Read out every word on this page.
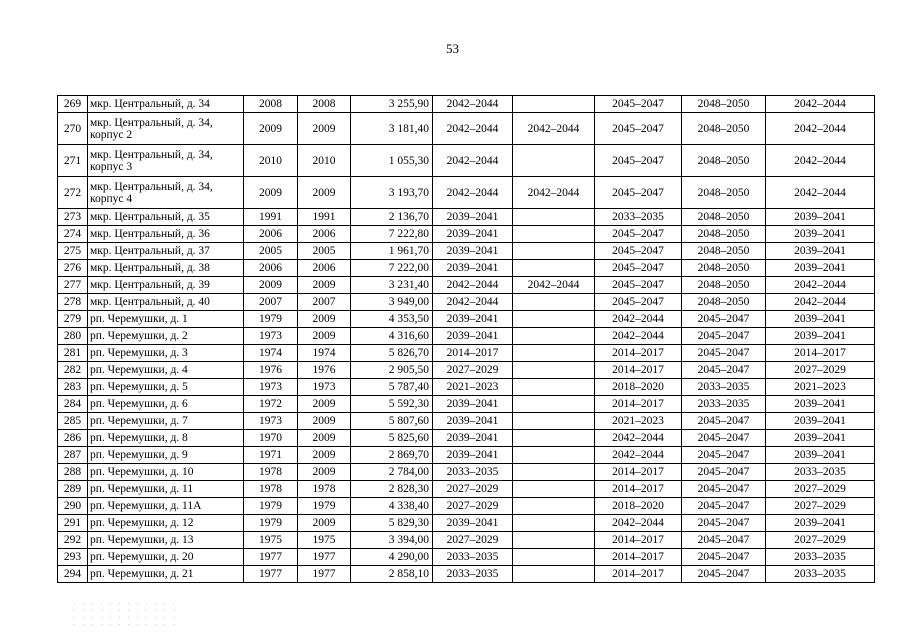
53
269	мкр. Центральный, д. 34	2008	2008	3 255,90	2042–2044		2045–2047	2048–2050	2042–2044
270	мкр. Центральный, д. 34, корпус 2	2009	2009	3 181,40	2042–2044	2042–2044	2045–2047	2048–2050	2042–2044
271	мкр. Центральный, д. 34, корпус 3	2010	2010	1 055,30	2042–2044		2045–2047	2048–2050	2042–2044
272	мкр. Центральный, д. 34, корпус 4	2009	2009	3 193,70	2042–2044	2042–2044	2045–2047	2048–2050	2042–2044
273	мкр. Центральный, д. 35	1991	1991	2 136,70	2039–2041		2033–2035	2048–2050	2039–2041
274	мкр. Центральный, д. 36	2006	2006	7 222,80	2039–2041		2045–2047	2048–2050	2039–2041
275	мкр. Центральный, д. 37	2005	2005	1 961,70	2039–2041		2045–2047	2048–2050	2039–2041
276	мкр. Центральный, д. 38	2006	2006	7 222,00	2039–2041		2045–2047	2048–2050	2039–2041
277	мкр. Центральный, д. 39	2009	2009	3 231,40	2042–2044	2042–2044	2045–2047	2048–2050	2042–2044
278	мкр. Центральный, д. 40	2007	2007	3 949,00	2042–2044		2045–2047	2048–2050	2042–2044
279	рп. Черемушки, д. 1	1979	2009	4 353,50	2039–2041		2042–2044	2045–2047	2039–2041
280	рп. Черемушки, д. 2	1973	2009	4 316,60	2039–2041		2042–2044	2045–2047	2039–2041
281	рп. Черемушки, д. 3	1974	1974	5 826,70	2014–2017		2014–2017	2045–2047	2014–2017
282	рп. Черемушки, д. 4	1976	1976	2 905,50	2027–2029		2014–2017	2045–2047	2027–2029
283	рп. Черемушки, д. 5	1973	1973	5 787,40	2021–2023		2018–2020	2033–2035	2021–2023
284	рп. Черемушки, д. 6	1972	2009	5 592,30	2039–2041		2014–2017	2033–2035	2039–2041
285	рп. Черемушки, д. 7	1973	2009	5 807,60	2039–2041		2021–2023	2045–2047	2039–2041
286	рп. Черемушки, д. 8	1970	2009	5 825,60	2039–2041		2042–2044	2045–2047	2039–2041
287	рп. Черемушки, д. 9	1971	2009	2 869,70	2039–2041		2042–2044	2045–2047	2039–2041
288	рп. Черемушки, д. 10	1978	2009	2 784,00	2033–2035		2014–2017	2045–2047	2033–2035
289	рп. Черемушки, д. 11	1978	1978	2 828,30	2027–2029		2014–2017	2045–2047	2027–2029
290	рп. Черемушки, д. 11А	1979	1979	4 338,40	2027–2029		2018–2020	2045–2047	2027–2029
291	рп. Черемушки, д. 12	1979	2009	5 829,30	2039–2041		2042–2044	2045–2047	2039–2041
292	рп. Черемушки, д. 13	1975	1975	3 394,00	2027–2029		2014–2017	2045–2047	2027–2029
293	рп. Черемушки, д. 20	1977	1977	4 290,00	2033–2035		2014–2017	2045–2047	2033–2035
294	рп. Черемушки, д. 21	1977	1977	2 858,10	2033–2035		2014–2017	2045–2047	2033–2035
